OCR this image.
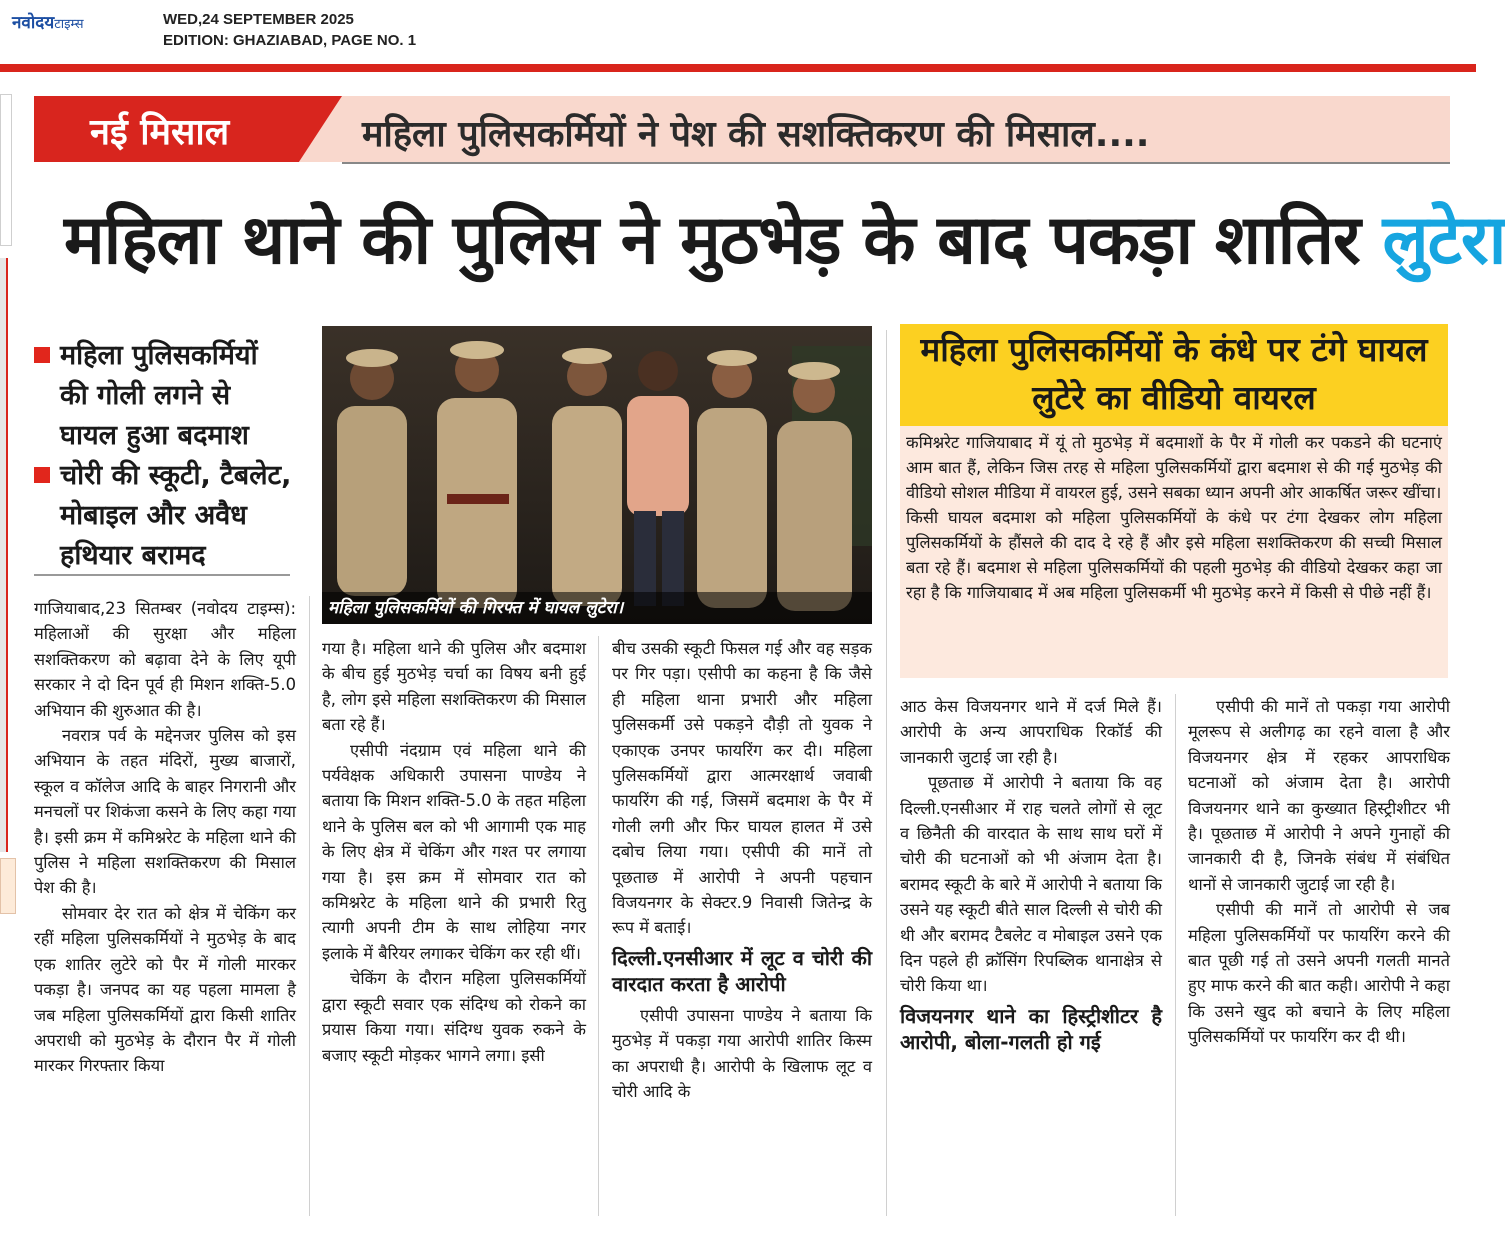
नवोदयटाइम्स	WED,24 SEPTEMBER 2025
EDITION: GHAZIABAD, PAGE NO. 1
नई मिसाल	महिला पुलिसकर्मियों ने पेश की सशक्तिकरण की मिसाल....
महिला थाने की पुलिस ने मुठभेड़ के बाद पकड़ा शातिर लुटेरा
महिला पुलिसकर्मियों की गोली लगने से घायल हुआ बदमाश
चोरी की स्कूटी, टैबलेट, मोबाइल और अवैध हथियार बरामद
महिला पुलिसकर्मियों की गिरफ्त में घायल लुटेरा।
महिला पुलिसकर्मियों के कंधे पर टंगे घायल लुटेरे का वीडियो वायरल

कमिश्नरेट गाजियाबाद में यूं तो मुठभेड़ में बदमाशों के पैर में गोली कर पकडने की घटनाएं आम बात हैं, लेकिन जिस तरह से महिला पुलिसकर्मियों द्वारा बदमाश से की गई मुठभेड़ की वीडियो सोशल मीडिया में वायरल हुई, उसने सबका ध्यान अपनी ओर आकर्षित जरूर खींचा।

किसी घायल बदमाश को महिला पुलिसकर्मियों के कंधे पर टंगा देखकर लोग महिला पुलिसकर्मियों के हौंसले की दाद दे रहे हैं और इसे महिला सशक्तिकरण की सच्ची मिसाल बता रहे हैं। बदमाश से महिला पुलिसकर्मियों की पहली मुठभेड़ की वीडियो देखकर कहा जा रहा है कि गाजियाबाद में अब महिला पुलिसकर्मी भी मुठभेड़ करने में किसी से पीछे नहीं हैं।

गाजियाबाद,23 सितम्बर (नवोदय टाइम्स): महिलाओं की सुरक्षा और महिला सशक्तिकरण को बढ़ावा देने के लिए यूपी सरकार ने दो दिन पूर्व ही मिशन शक्ति-5.0 अभियान की शुरुआत की है।

नवरात्र पर्व के मद्देनजर पुलिस को इस अभियान के तहत मंदिरों, मुख्य बाजारों, स्कूल व कॉलेज आदि के बाहर निगरानी और मनचलों पर शिकंजा कसने के लिए कहा गया है। इसी क्रम में कमिश्नरेट के महिला थाने की पुलिस ने महिला सशक्तिकरण की मिसाल पेश की है।

सोमवार देर रात को क्षेत्र में चेकिंग कर रहीं महिला पुलिसकर्मियों ने मुठभेड़ के बाद एक शातिर लुटेरे को पैर में गोली मारकर पकड़ा है। जनपद का यह पहला मामला है जब महिला पुलिसकर्मियों द्वारा किसी शातिर अपराधी को मुठभेड़ के दौरान पैर में गोली मारकर गिरफ्तार किया

गया है। महिला थाने की पुलिस और बदमाश के बीच हुई मुठभेड़ चर्चा का विषय बनी हुई है, लोग इसे महिला सशक्तिकरण की मिसाल बता रहे हैं।

एसीपी नंदग्राम एवं महिला थाने की पर्यवेक्षक अधिकारी उपासना पाण्डेय ने बताया कि मिशन शक्ति-5.0 के तहत महिला थाने के पुलिस बल को भी आगामी एक माह के लिए क्षेत्र में चेकिंग और गश्त पर लगाया गया है। इस क्रम में सोमवार रात को कमिश्नरेट के महिला थाने की प्रभारी रितु त्यागी अपनी टीम के साथ लोहिया नगर इलाके में बैरियर लगाकर चेकिंग कर रही थीं।

चेकिंग के दौरान महिला पुलिसकर्मियों द्वारा स्कूटी सवार एक संदिग्ध को रोकने का प्रयास किया गया। संदिग्ध युवक रुकने के बजाए स्कूटी मोड़कर भागने लगा। इसी

बीच उसकी स्कूटी फिसल गई और वह सड़क पर गिर पड़ा। एसीपी का कहना है कि जैसे ही महिला थाना प्रभारी और महिला पुलिसकर्मी उसे पकड़ने दौड़ी तो युवक ने एकाएक उनपर फायरिंग कर दी। महिला पुलिसकर्मियों द्वारा आत्मरक्षार्थ जवाबी फायरिंग की गई, जिसमें बदमाश के पैर में गोली लगी और फिर घायल हालत में उसे दबोच लिया गया। एसीपी की मानें तो पूछताछ में आरोपी ने अपनी पहचान विजयनगर के सेक्टर.9 निवासी जितेन्द्र के रूप में बताई।

दिल्ली.एनसीआर में लूट व चोरी की वारदात करता है आरोपी

एसीपी उपासना पाण्डेय ने बताया कि मुठभेड़ में पकड़ा गया आरोपी शातिर किस्म का अपराधी है। आरोपी के खिलाफ लूट व चोरी आदि के

आठ केस विजयनगर थाने में दर्ज मिले हैं। आरोपी के अन्य आपराधिक रिकॉर्ड की जानकारी जुटाई जा रही है।

पूछताछ में आरोपी ने बताया कि वह दिल्ली.एनसीआर में राह चलते लोगों से लूट व छिनैती की वारदात के साथ साथ घरों में चोरी की घटनाओं को भी अंजाम देता है। बरामद स्कूटी के बारे में आरोपी ने बताया कि उसने यह स्कूटी बीते साल दिल्ली से चोरी की थी और बरामद टैबलेट व मोबाइल उसने एक दिन पहले ही क्रॉसिंग रिपब्लिक थानाक्षेत्र से चोरी किया था।

विजयनगर थाने का हिस्ट्रीशीटर है आरोपी, बोला-गलती हो गई

एसीपी की मानें तो पकड़ा गया आरोपी मूलरूप से अलीगढ़ का रहने वाला है और विजयनगर क्षेत्र में रहकर आपराधिक घटनाओं को अंजाम देता है। आरोपी विजयनगर थाने का कुख्यात हिस्ट्रीशीटर भी है। पूछताछ में आरोपी ने अपने गुनाहों की जानकारी दी है, जिनके संबंध में संबंधित थानों से जानकारी जुटाई जा रही है।

एसीपी की मानें तो आरोपी से जब महिला पुलिसकर्मियों पर फायरिंग करने की बात पूछी गई तो उसने अपनी गलती मानते हुए माफ करने की बात कही। आरोपी ने कहा कि उसने खुद को बचाने के लिए महिला पुलिसकर्मियों पर फायरिंग कर दी थी।
